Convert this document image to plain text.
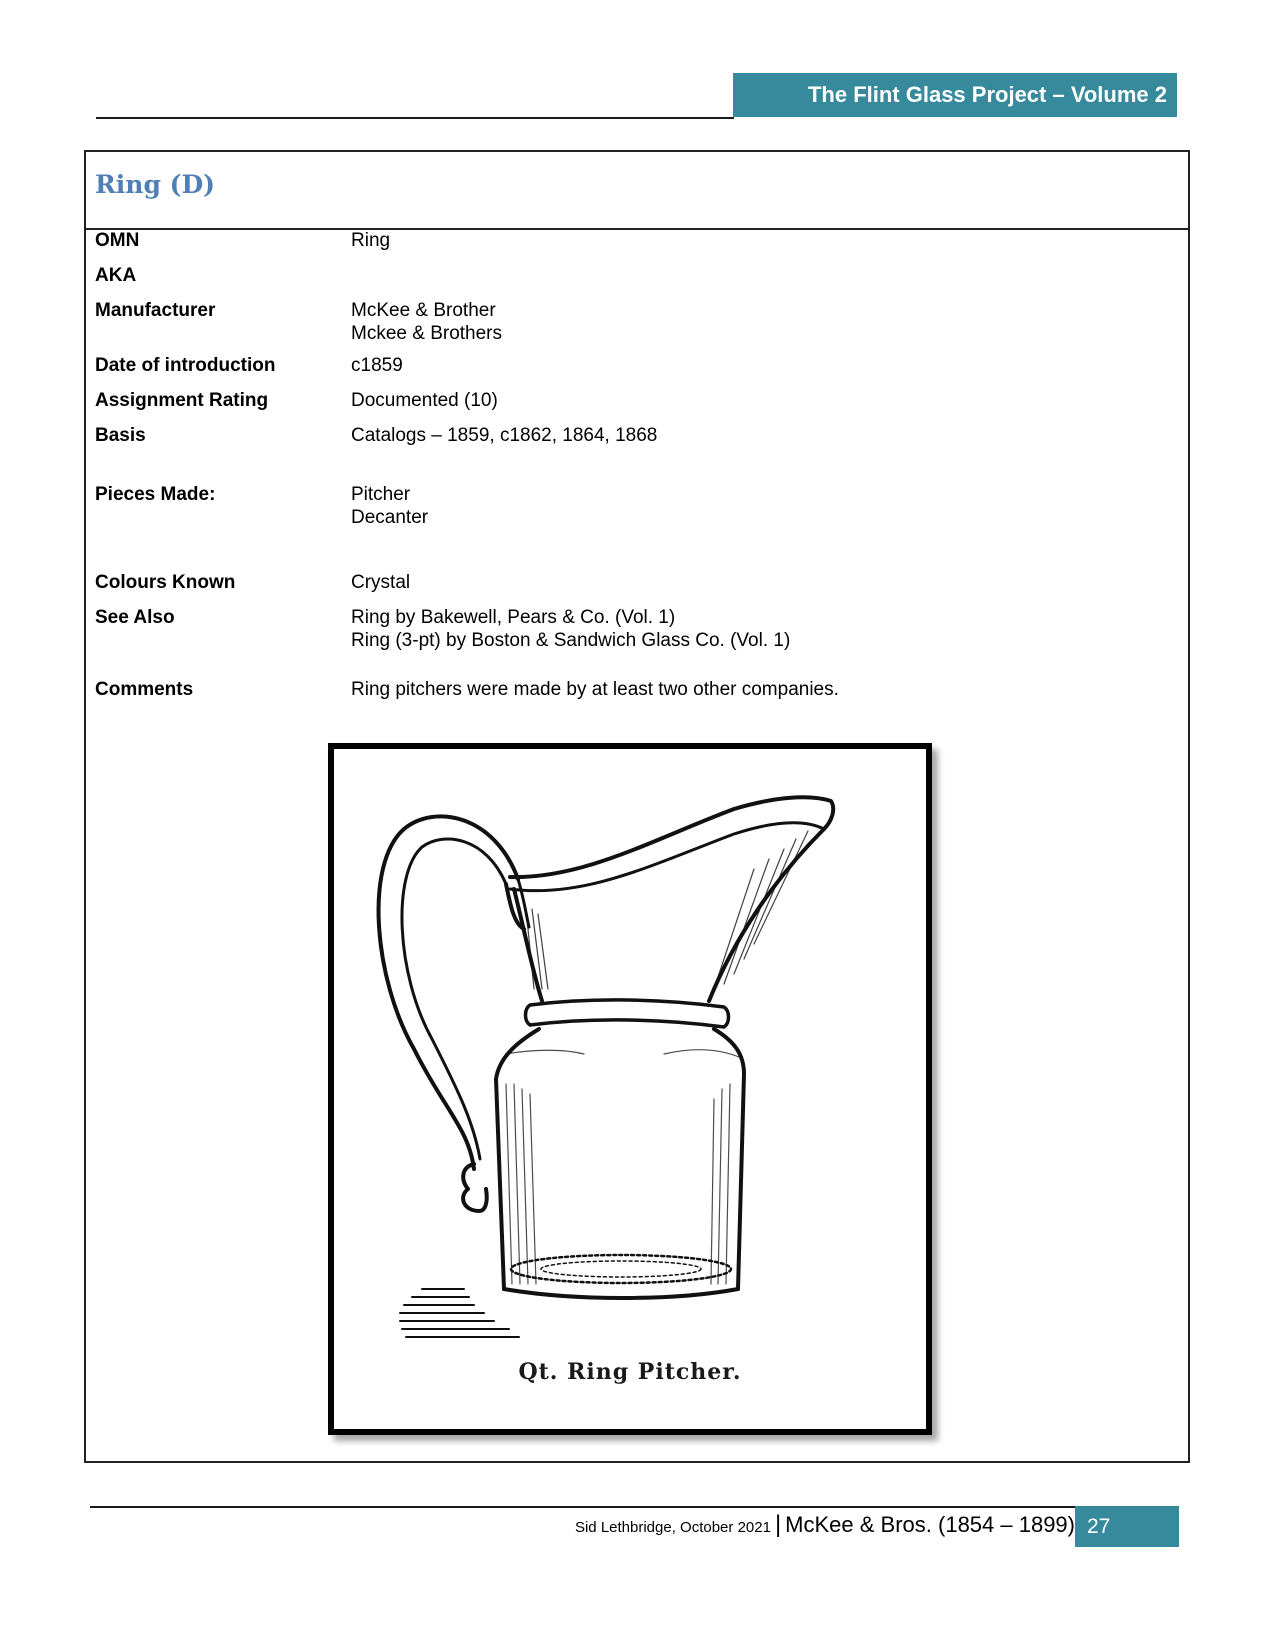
The Flint Glass Project – Volume 2
Ring (D)
OMN	Ring
AKA
Manufacturer	McKee & Brother
Mckee & Brothers
Date of introduction	c1859
Assignment Rating	Documented (10)
Basis	Catalogs – 1859, c1862, 1864, 1868
Pieces Made:	Pitcher
Decanter
Colours Known	Crystal
See Also	Ring by Bakewell, Pears & Co. (Vol. 1)
Ring (3-pt) by Boston & Sandwich Glass Co. (Vol. 1)
Comments	Ring pitchers were made by at least two other companies.
Qt. Ring Pitcher.
Sid Lethbridge, October 2021 | McKee & Bros. (1854 – 1899) 27
